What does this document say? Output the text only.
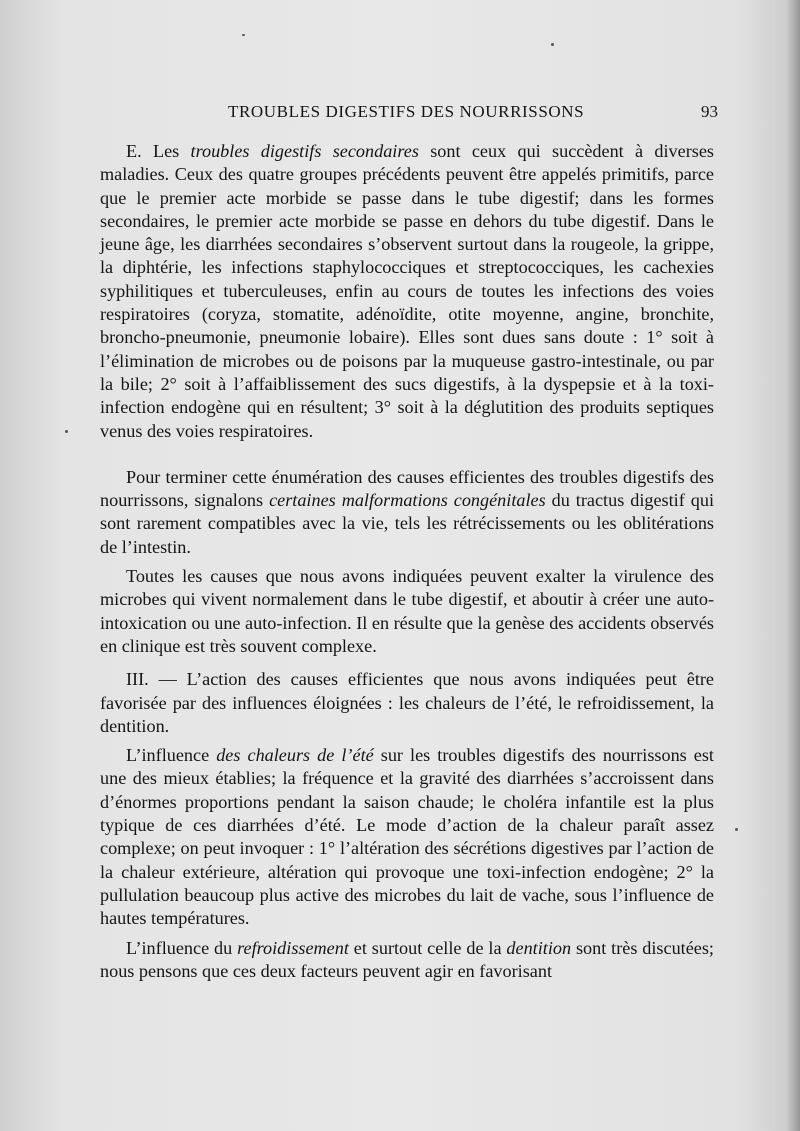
TROUBLES DIGESTIFS DES NOURRISSONS	93

E. Les troubles digestifs secondaires sont ceux qui succèdent à diverses maladies. Ceux des quatre groupes précédents peuvent être appelés primitifs, parce que le premier acte morbide se passe dans le tube digestif; dans les formes secondaires, le premier acte morbide se passe en dehors du tube digestif. Dans le jeune âge, les diarrhées secondaires s’observent surtout dans la rougeole, la grippe, la diphtérie, les infections staphylococciques et streptococciques, les cachexies syphilitiques et tuberculeuses, enfin au cours de toutes les infections des voies respiratoires (coryza, stomatite, adénoïdite, otite moyenne, angine, bronchite, broncho-pneumonie, pneumonie lobaire). Elles sont dues sans doute : 1° soit à l’élimination de microbes ou de poisons par la muqueuse gastro-intestinale, ou par la bile; 2° soit à l’affaiblissement des sucs digestifs, à la dyspepsie et à la toxi-infection endogène qui en résultent; 3° soit à la déglutition des produits septiques venus des voies respiratoires.

Pour terminer cette énumération des causes efficientes des troubles digestifs des nourrissons, signalons certaines malformations congénitales du tractus digestif qui sont rarement compatibles avec la vie, tels les rétrécissements ou les oblitérations de l’intestin.

Toutes les causes que nous avons indiquées peuvent exalter la virulence des microbes qui vivent normalement dans le tube digestif, et aboutir à créer une auto-intoxication ou une auto-infection. Il en résulte que la genèse des accidents observés en clinique est très souvent complexe.

III. — L’action des causes efficientes que nous avons indiquées peut être favorisée par des influences éloignées : les chaleurs de l’été, le refroidissement, la dentition.

L’influence des chaleurs de l’été sur les troubles digestifs des nourrissons est une des mieux établies; la fréquence et la gravité des diarrhées s’accroissent dans d’énormes proportions pendant la saison chaude; le choléra infantile est la plus typique de ces diarrhées d’été. Le mode d’action de la chaleur paraît assez complexe; on peut invoquer : 1° l’altération des sécrétions digestives par l’action de la chaleur extérieure, altération qui provoque une toxi-infection endogène; 2° la pullulation beaucoup plus active des microbes du lait de vache, sous l’influence de hautes températures.

L’influence du refroidissement et surtout celle de la dentition sont très discutées; nous pensons que ces deux facteurs peuvent agir en favorisant
